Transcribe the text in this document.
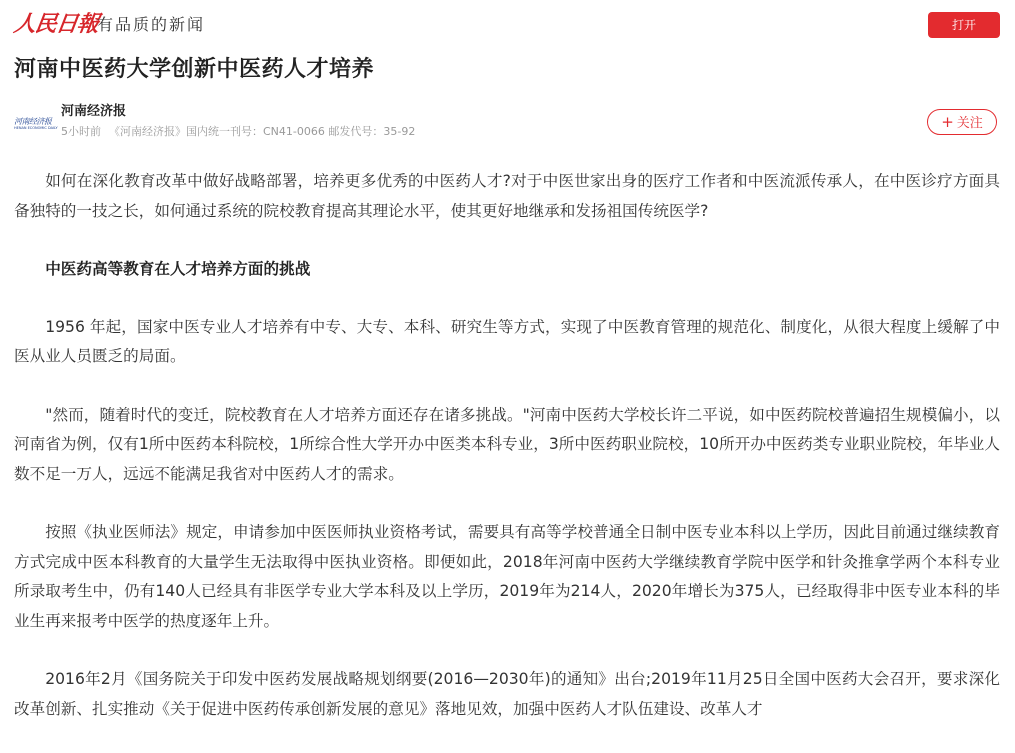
人民日報
有品质的新闻	打开
河南中医药大学创新中医药人才培养
河南经济报
HENAN ECONOMIC DAILY
河南经济报
5小时前 《河南经济报》国内统一刊号：CN41-0066 邮发代号：35-92
+ 关注

如何在深化教育改革中做好战略部署，培养更多优秀的中医药人才?对于中医世家出身的医疗工作者和中医流派传承人，在中医诊疗方面具备独特的一技之长，如何通过系统的院校教育提高其理论水平，使其更好地继承和发扬祖国传统医学?

中医药高等教育在人才培养方面的挑战

1956 年起，国家中医专业人才培养有中专、大专、本科、研究生等方式，实现了中医教育管理的规范化、制度化，从很大程度上缓解了中医从业人员匮乏的局面。

"然而，随着时代的变迁，院校教育在人才培养方面还存在诸多挑战。"河南中医药大学校长许二平说，如中医药院校普遍招生规模偏小，以河南省为例，仅有1所中医药本科院校，1所综合性大学开办中医类本科专业，3所中医药职业院校，10所开办中医药类专业职业院校，年毕业人数不足一万人，远远不能满足我省对中医药人才的需求。

按照《执业医师法》规定，申请参加中医医师执业资格考试，需要具有高等学校普通全日制中医专业本科以上学历，因此目前通过继续教育方式完成中医本科教育的大量学生无法取得中医执业资格。即便如此，2018年河南中医药大学继续教育学院中医学和针灸推拿学两个本科专业所录取考生中，仍有140人已经具有非医学专业大学本科及以上学历，2019年为214人，2020年增长为375人，已经取得非中医专业本科的毕业生再来报考中医学的热度逐年上升。

2016年2月《国务院关于印发中医药发展战略规划纲要(2016—2030年)的通知》出台;2019年11月25日全国中医药大会召开，要求深化改革创新、扎实推动《关于促进中医药传承创新发展的意见》落地见效，加强中医药人才队伍建设、改革人才
